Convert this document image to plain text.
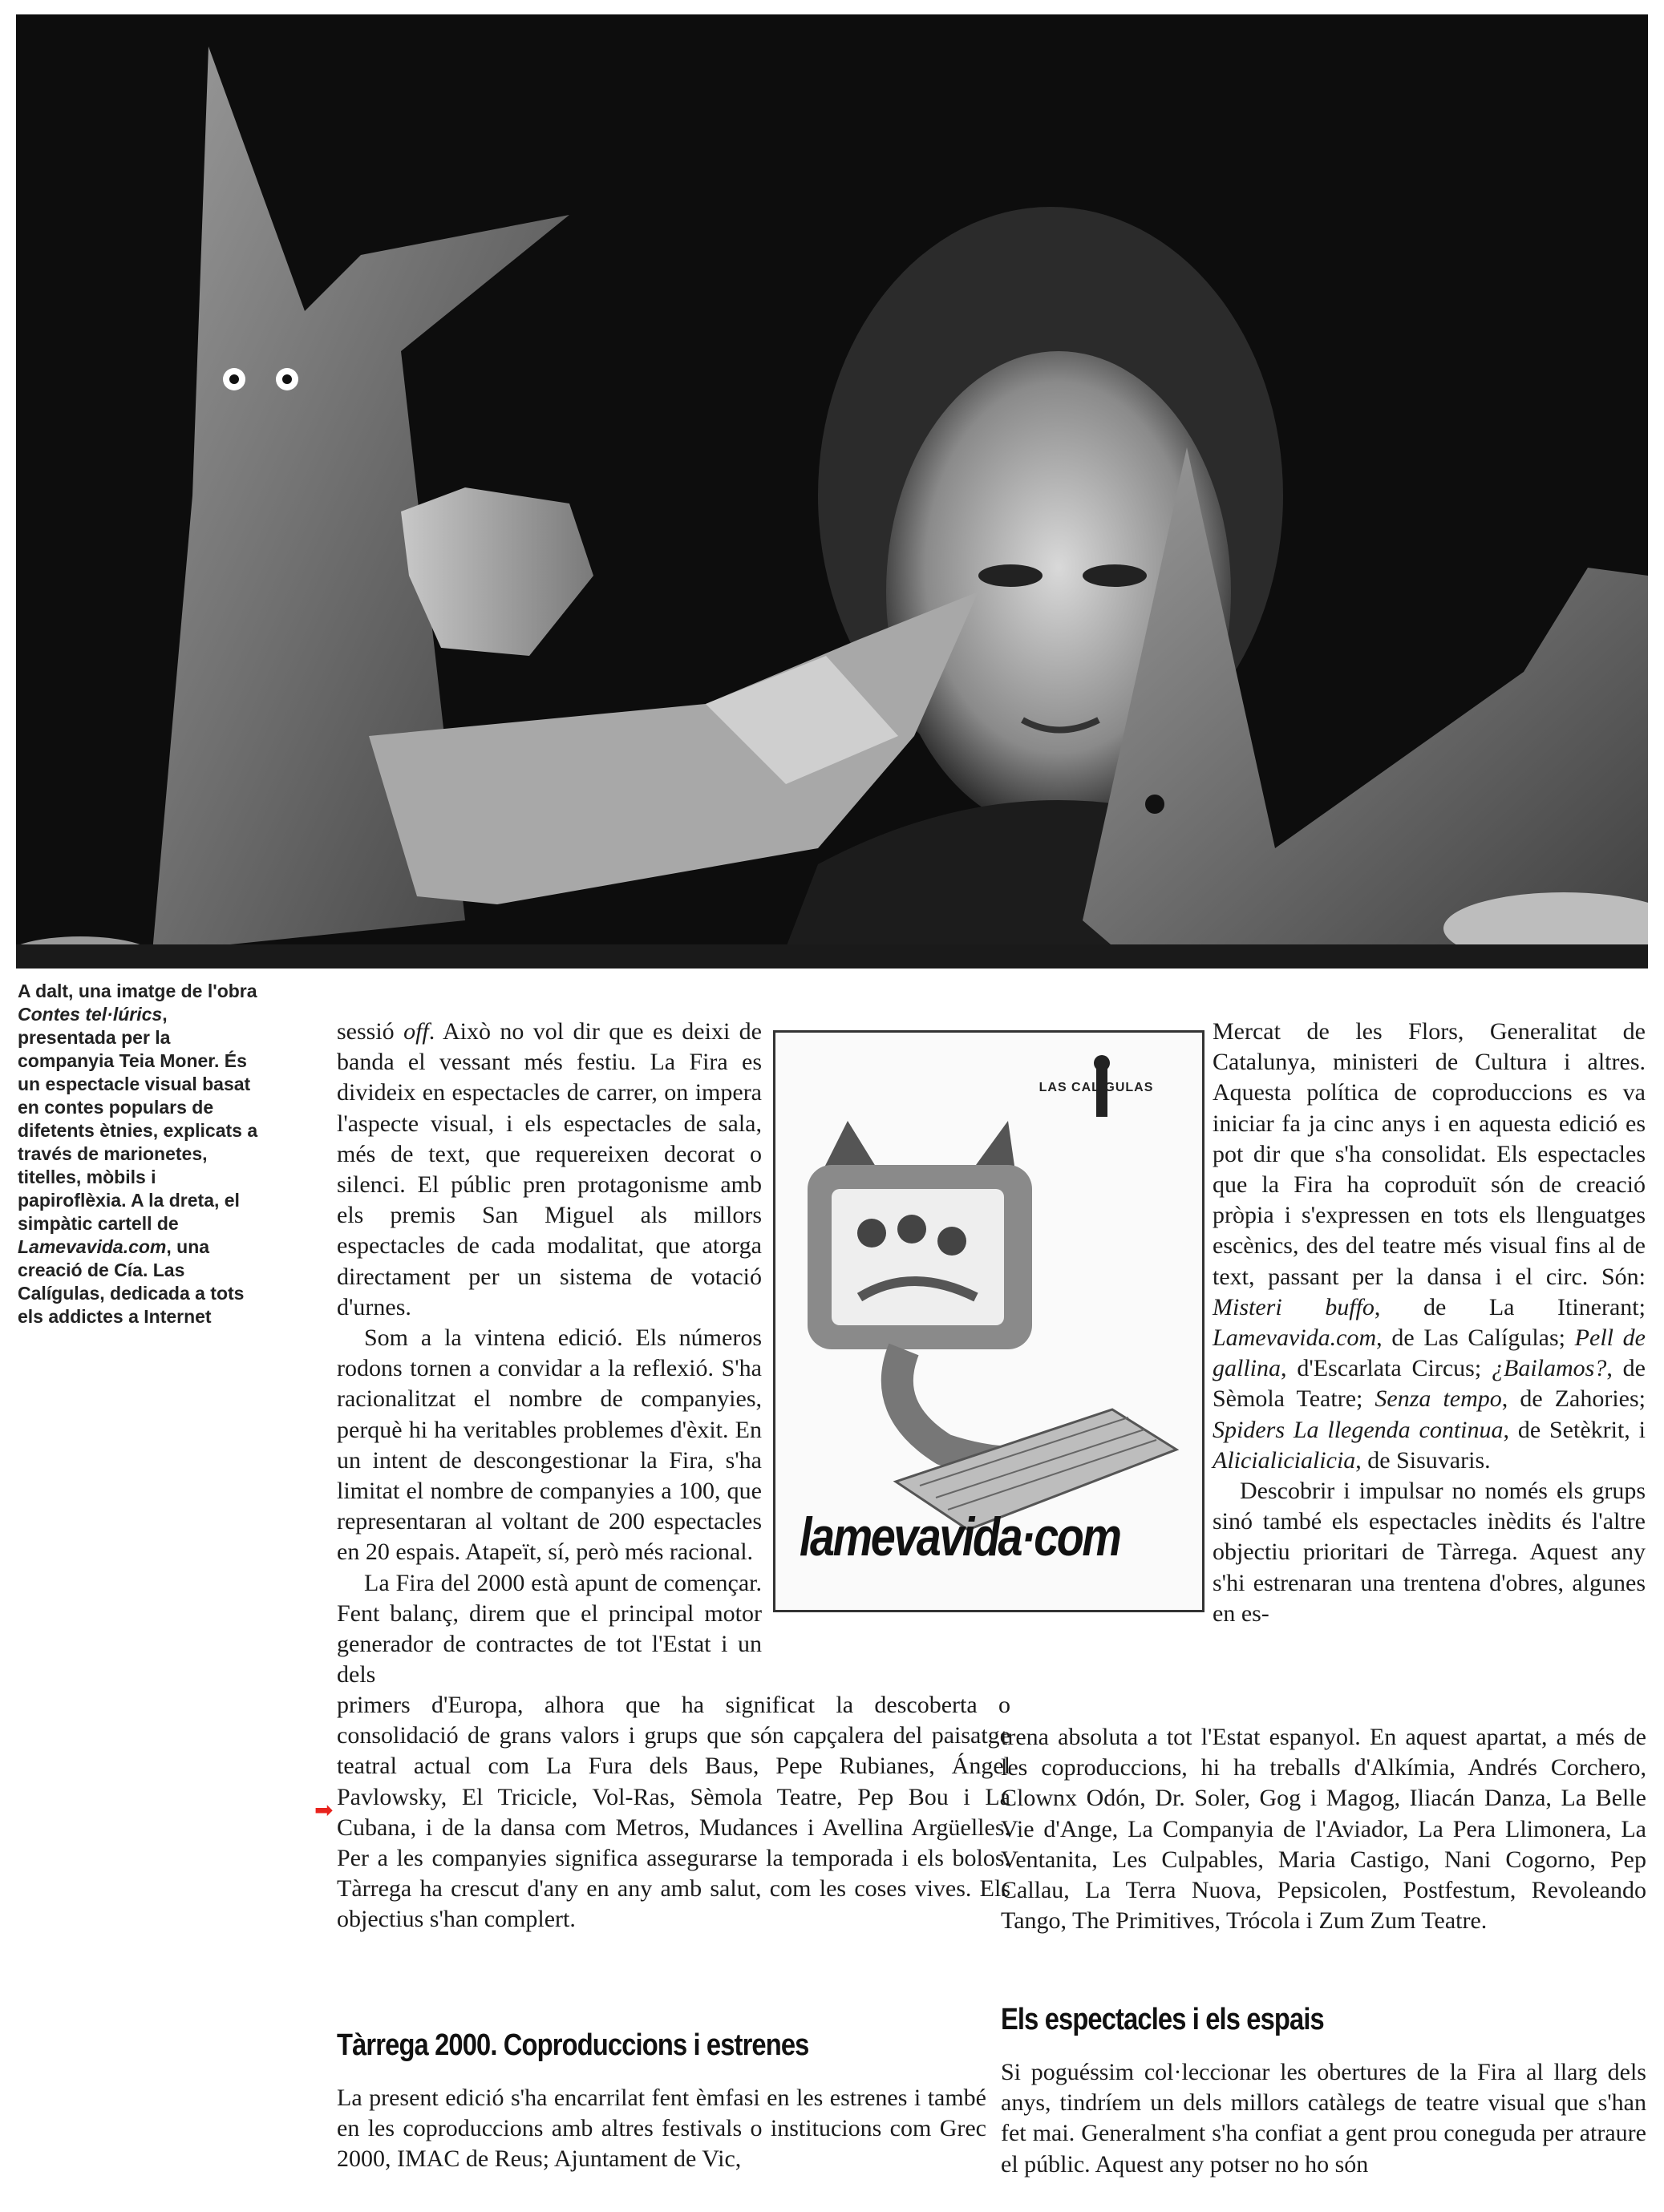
A dalt, una imatge de l'obra Contes tel·lúrics, presentada per la companyia Teia Moner. És un espectacle visual basat en contes populars de difetents ètnies, explicats a través de marionetes, titelles, mòbils i papiroflèxia. A la dreta, el simpàtic cartell de Lamevavida.com, una creació de Cía. Las Calígulas, dedicada a tots els addictes a Internet

sessió off. Això no vol dir que es deixi de banda el vessant més festiu. La Fira es divideix en espectacles de carrer, on impera l'aspecte visual, i els espectacles de sala, més de text, que requereixen decorat o silenci. El públic pren protagonisme amb els premis San Miguel als millors espectacles de cada modalitat, que atorga directament per un sistema de votació d'urnes.

Som a la vintena edició. Els números rodons tornen a convidar a la reflexió. S'ha racionalitzat el nombre de companyies, perquè hi ha veritables problemes d'èxit. En un intent de descongestionar la Fira, s'ha limitat el nombre de companyies a 100, que representaran al voltant de 200 espectacles en 20 espais. Atapeït, sí, però més racional.

La Fira del 2000 està apunt de començar. Fent balanç, direm que el principal motor generador de contractes de tot l'Estat i un dels

LAS CALÍGULAS
lamevavida·com
primers d'Europa, alhora que ha significat la descoberta o consolidació de grans valors i grups que són capçalera del paisatge teatral actual com La Fura dels Baus, Pepe Rubianes, Ángel Pavlowsky, El Tricicle, Vol-Ras, Sèmola Teatre, Pep Bou i La Cubana, i de la dansa com Metros, Mudances i Avellina Argüelles. Per a les companyies significa assegurarse la temporada i els bolos. Tàrrega ha crescut d'any en any amb salut, com les coses vives. Els objectius s'han complert.
➡

Mercat de les Flors, Generalitat de Catalunya, ministeri de Cultura i altres. Aquesta política de coproduccions es va iniciar fa ja cinc anys i en aquesta edició es pot dir que s'ha consolidat. Els espectacles que la Fira ha coproduït són de creació pròpia i s'expressen en tots els llenguatges escènics, des del teatre més visual fins al de text, passant per la dansa i el circ. Són: Misteri buffo, de La Itinerant; Lamevavida.com, de Las Calígulas; Pell de gallina, d'Escarlata Circus; ¿Bailamos?, de Sèmola Teatre; Senza tempo, de Zahories; Spiders La llegenda continua, de Setèkrit, i Alicialicialicia, de Sisuvaris.

Descobrir i impulsar no només els grups sinó també els espectacles inèdits és l'altre objectiu prioritari de Tàrrega. Aquest any s'hi estrenaran una trentena d'obres, algunes en es-

trena absoluta a tot l'Estat espanyol. En aquest apartat, a més de les coproduccions, hi ha treballs d'Alkímia, Andrés Corchero, Clownx Odón, Dr. Soler, Gog i Magog, Iliacán Danza, La Belle Vie d'Ange, La Companyia de l'Aviador, La Pera Llimonera, La Ventanita, Les Culpables, Maria Castigo, Nani Cogorno, Pep Callau, La Terra Nuova, Pepsicolen, Postfestum, Revoleando Tango, The Primitives, Trócola i Zum Zum Teatre.
Tàrrega 2000. Coproduccions i estrenes
La present edició s'ha encarrilat fent èmfasi en les estrenes i també en les coproduccions amb altres festivals o institucions com Grec 2000, IMAC de Reus; Ajuntament de Vic,
Els espectacles i els espais
Si poguéssim col·leccionar les obertures de la Fira al llarg dels anys, tindríem un dels millors catàlegs de teatre visual que s'han fet mai. Generalment s'ha confiat a gent prou coneguda per atraure el públic. Aquest any potser no ho són
